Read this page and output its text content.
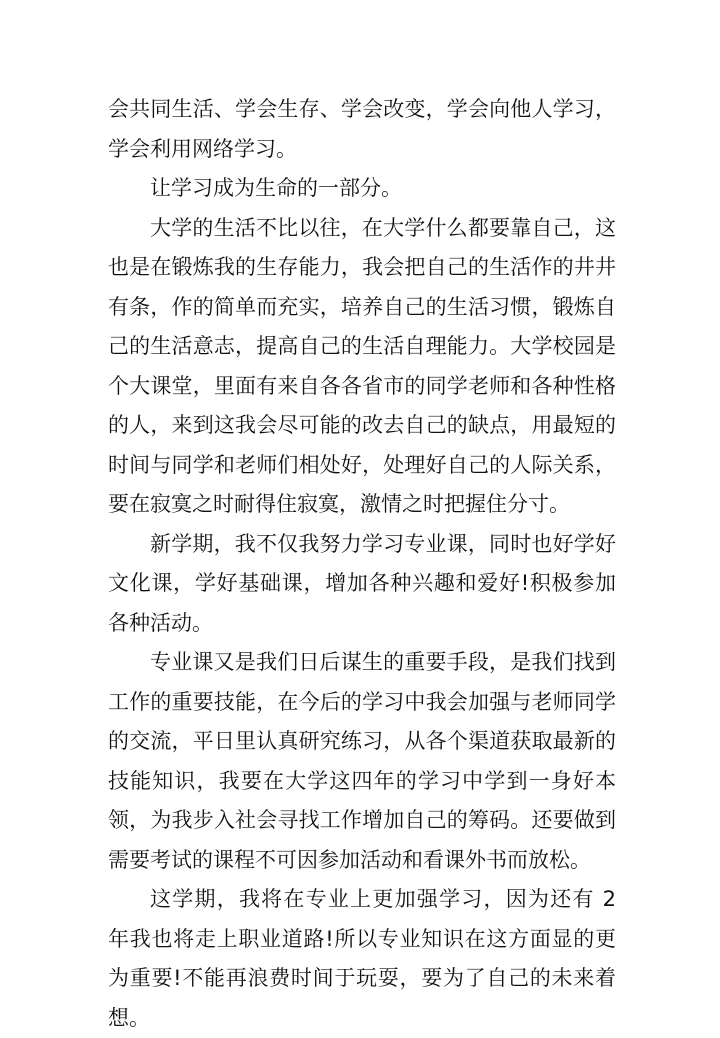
会共同生活、学会生存、学会改变，学会向他人学习，学会利用网络学习。

让学习成为生命的一部分。

大学的生活不比以往，在大学什么都要靠自己，这也是在锻炼我的生存能力，我会把自己的生活作的井井有条，作的简单而充实，培养自己的生活习惯，锻炼自己的生活意志，提高自己的生活自理能力。大学校园是个大课堂，里面有来自各各省市的同学老师和各种性格的人，来到这我会尽可能的改去自己的缺点，用最短的时间与同学和老师们相处好，处理好自己的人际关系，要在寂寞之时耐得住寂寞，激情之时把握住分寸。

新学期，我不仅我努力学习专业课，同时也好学好文化课，学好基础课，增加各种兴趣和爱好!积极参加各种活动。

专业课又是我们日后谋生的重要手段，是我们找到工作的重要技能，在今后的学习中我会加强与老师同学的交流，平日里认真研究练习，从各个渠道获取最新的技能知识，我要在大学这四年的学习中学到一身好本领，为我步入社会寻找工作增加自己的筹码。还要做到需要考试的课程不可因参加活动和看课外书而放松。

这学期，我将在专业上更加强学习，因为还有 2 年我也将走上职业道路!所以专业知识在这方面显的更为重要!不能再浪费时间于玩耍，要为了自己的未来着想。
